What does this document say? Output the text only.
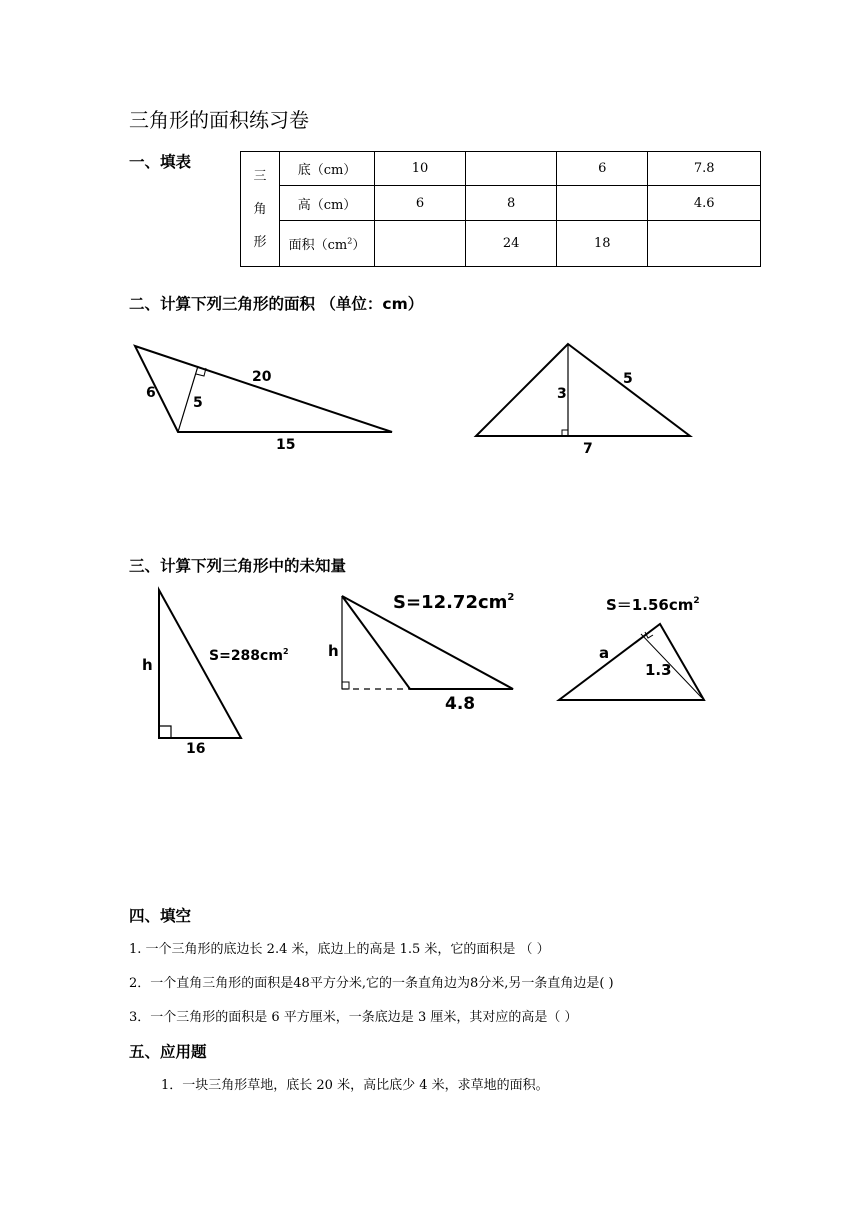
三角形的面积练习卷
一、填表
三
角
形	底（cm）	10		6	7.8
	高（cm）	6	8		4.6
	面积$(cm^2)$		24	18	
二、计算下列三角形的面积 （单位：cm）
6
20
5
15
3
5
7
h	$S=288cm^2$
16
$S=12.72cm^2$
h
4.8
$S=1.56cm^2$
a
1.3
三、计算下列三角形中的未知量
四、填空
1. 一个三角形的底边长 2.4 米，底边上的高是 1.5 米，它的面积是 （ ）
2．一个直角三角形的面积是48平方分米,它的一条直角边为8分米,另一条直角边是( )
3．一个三角形的面积是 6 平方厘米，一条底边是 3 厘米，其对应的高是（ ）
五、应用题
1．一块三角形草地，底长 20 米，高比底少 4 米，求草地的面积。
